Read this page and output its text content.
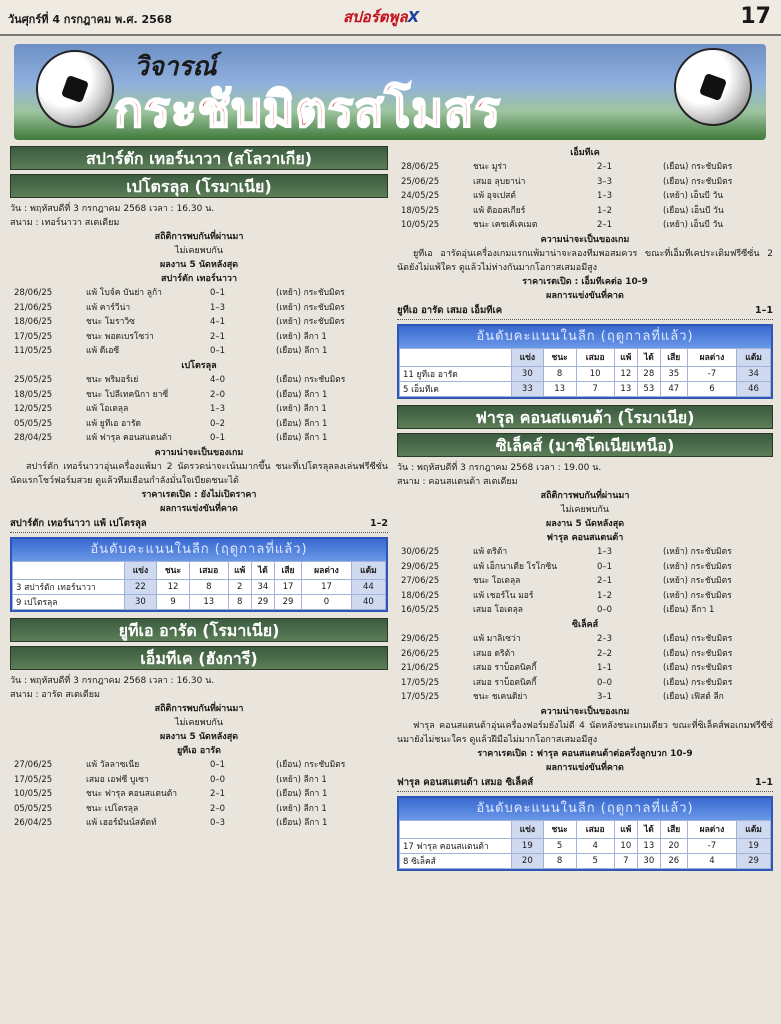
วันศุกร์ที่ 4 กรกฎาคม พ.ศ. 2568	สปอร์ตพูลX	17
วิจารณ์
กระชับมิตรสโมสร
สปาร์ตัก เทอร์นาวา (สโลวาเกีย)
เปโตรลุล (โรมาเนีย)
วัน : พฤหัสบดีที่ 3 กรกฎาคม 2568 เวลา : 16.30 น.
สนาม : เทอร์นาวา สเตเดียม
สถิติการพบกันที่ผ่านมา
ไม่เคยพบกัน
ผลงาน 5 นัดหลังสุด
สปาร์ตัก เทอร์นาวา
28/06/25	แพ้ โบจ์ค บันย่า ลูก้า	0–1	(เหย้า) กระชับมิตร
21/06/25	แพ้ คาร์วีน่า	1–3	(เหย้า) กระชับมิตร
18/06/25	ชนะ โมราวิซ	4–1	(เหย้า) กระชับมิตร
17/05/25	ชนะ พอดเบรโซว่า	2–1	(เหย้า) ลีกา 1
11/05/25	แพ้ ดีเอซี	0–1	(เยือน) ลีกา 1
เปโตรลุล
25/05/25	ชนะ พริมอร์เย่	4–0	(เยือน) กระชับมิตร
18/05/25	ชนะ โปลีเทคนิกา ยาซี่	2–0	(เยือน) ลีกา 1
12/05/25	แพ้ โอเตลุล	1–3	(เหย้า) ลีกา 1
05/05/25	แพ้ ยูทีเอ อารัด	0–2	(เยือน) ลีกา 1
28/04/25	แพ้ ฟารุล คอนสแตนต้า	0–1	(เยือน) ลีกา 1
ความน่าจะเป็นของเกม
สปาร์ตัก เทอร์นาวาอุ่นเครื่องแพ้มา 2 นัดรวดน่าจะเน้นมากขึ้น ชนะที่เปโตรลุลลงเล่นฟรีซีซั่นนัดแรกโชว์ฟอร์มสวย ดูแล้วทีมเยือนกำลังมั่นใจเบียดชนะได้
ราคาเรตเปิด : ยังไม่เปิดราคา
ผลการแข่งขันที่คาด
สปาร์ตัก เทอร์นาวา แพ้ เปโตรลุล	1–2
อันดับคะแนนในลีก (ฤดูกาลที่แล้ว)
	แข่ง	ชนะ	เสมอ	แพ้	ได้	เสีย	ผลต่าง	แต้ม
3 สปาร์ตัก เทอร์นาวา	22	12	8	2	34	17	17	44
9 เปโตรลุล	30	9	13	8	29	29	0	40
ยูทีเอ อารัด (โรมาเนีย)
เอ็มทีเค (ฮังการี)
วัน : พฤหัสบดีที่ 3 กรกฎาคม 2568 เวลา : 16.30 น.
สนาม : อารัด สเตเดียม
สถิติการพบกันที่ผ่านมา
ไม่เคยพบกัน
ผลงาน 5 นัดหลังสุด
ยูทีเอ อารัด
27/06/25	แพ้ วัลลาซเนีย	0–1	(เยือน) กระชับมิตร
17/05/25	เสมอ เอฟซี บูเซา	0–0	(เหย้า) ลีกา 1
10/05/25	ชนะ ฟารุล คอนสแตนต้า	2–1	(เยือน) ลีกา 1
05/05/25	ชนะ เปโตรลุล	2–0	(เหย้า) ลีกา 1
26/04/25	แพ้ เฮอร์มันน์สตัดท์	0–3	(เยือน) ลีกา 1
เอ็มทีเค
28/06/25	ชนะ มูร่า	2–1	(เยือน) กระชับมิตร
25/06/25	เสมอ ลุบยาน่า	3–3	(เยือน) กระชับมิตร
24/05/25	แพ้ อุจเปสต์	1–3	(เหย้า) เอ็นบี วัน
18/05/25	แพ้ ดิออสเกียร์	1–2	(เยือน) เอ็นบี วัน
10/05/25	ชนะ เคชเค้เคเมต	2–1	(เหย้า) เอ็นบี วัน
ความน่าจะเป็นของเกม
ยูทีเอ อารัดอุ่นเครื่องเกมแรกแพ้มาน่าจะลองทีมพอสมควร ขณะที่เอ็มทีเคประเดิมฟรีซีซั่น 2 นัดยังไม่แพ้ใคร ดูแล้วไม่ห่างกันมากโอกาสเสมอมีสูง
ราคาเรตเปิด : เอ็มทีเคต่อ 10-9
ผลการแข่งขันที่คาด
ยูทีเอ อารัด เสมอ เอ็มทีเค	1–1
อันดับคะแนนในลีก (ฤดูกาลที่แล้ว)
	แข่ง	ชนะ	เสมอ	แพ้	ได้	เสีย	ผลต่าง	แต้ม
11 ยูทีเอ อารัด	30	8	10	12	28	35	-7	34
5 เอ็มทีเค	33	13	7	13	53	47	6	46
ฟารุล คอนสแตนต้า (โรมาเนีย)
ซิเล็คส์ (มาซิโดเนียเหนือ)
วัน : พฤหัสบดีที่ 3 กรกฎาคม 2568 เวลา : 19.00 น.
สนาม : คอนสแตนต้า สเตเดียม
สถิติการพบกันที่ผ่านมา
ไม่เคยพบกัน
ผลงาน 5 นัดหลังสุด
ฟารุล คอนสแตนต้า
30/06/25	แพ้ ดริต้า	1–3	(เหย้า) กระชับมิตร
29/06/25	แพ้ เอ็กนาเตีย โรโกซิน	0–1	(เหย้า) กระชับมิตร
27/06/25	ชนะ โอเตลุล	2–1	(เหย้า) กระชับมิตร
18/06/25	แพ้ เชอร์โน มอร์	1–2	(เหย้า) กระชับมิตร
16/05/25	เสมอ โอเตลุล	0–0	(เยือน) ลีกา 1
ซิเล็คส์
29/06/25	แพ้ มาลิเซว่า	2–3	(เยือน) กระชับมิตร
26/06/25	เสมอ ดริต้า	2–2	(เยือน) กระชับมิตร
21/06/25	เสมอ ราบ็อตนิคกี้	1–1	(เยือน) กระชับมิตร
17/05/25	เสมอ ราบ็อตนิคกี้	0–0	(เยือน) กระชับมิตร
17/05/25	ชนะ ชเคนดิย่า	3–1	(เยือน) เฟิสต์ ลีก
ความน่าจะเป็นของเกม
ฟารุล คอนสแตนต้าอุ่นเครื่องฟอร์มยังไม่ดี 4 นัดหลังชนะเกมเดียว ขณะที่ซิเล็คส์พอเกมฟรีซีซั่นมายังไม่ชนะใคร ดูแล้วฝีมือไม่มากโอกาสเสมอมีสูง
ราคาเรตเปิด : ฟารุล คอนสแตนต้าต่อครึ่งลูกบวก 10-9
ผลการแข่งขันที่คาด
ฟารุล คอนสแตนต้า เสมอ ซิเล็คส์	1–1
อันดับคะแนนในลีก (ฤดูกาลที่แล้ว)
	แข่ง	ชนะ	เสมอ	แพ้	ได้	เสีย	ผลต่าง	แต้ม
17 ฟารุล คอนสแตนต้า	19	5	4	10	13	20	-7	19
8 ซิเล็คส์	20	8	5	7	30	26	4	29
